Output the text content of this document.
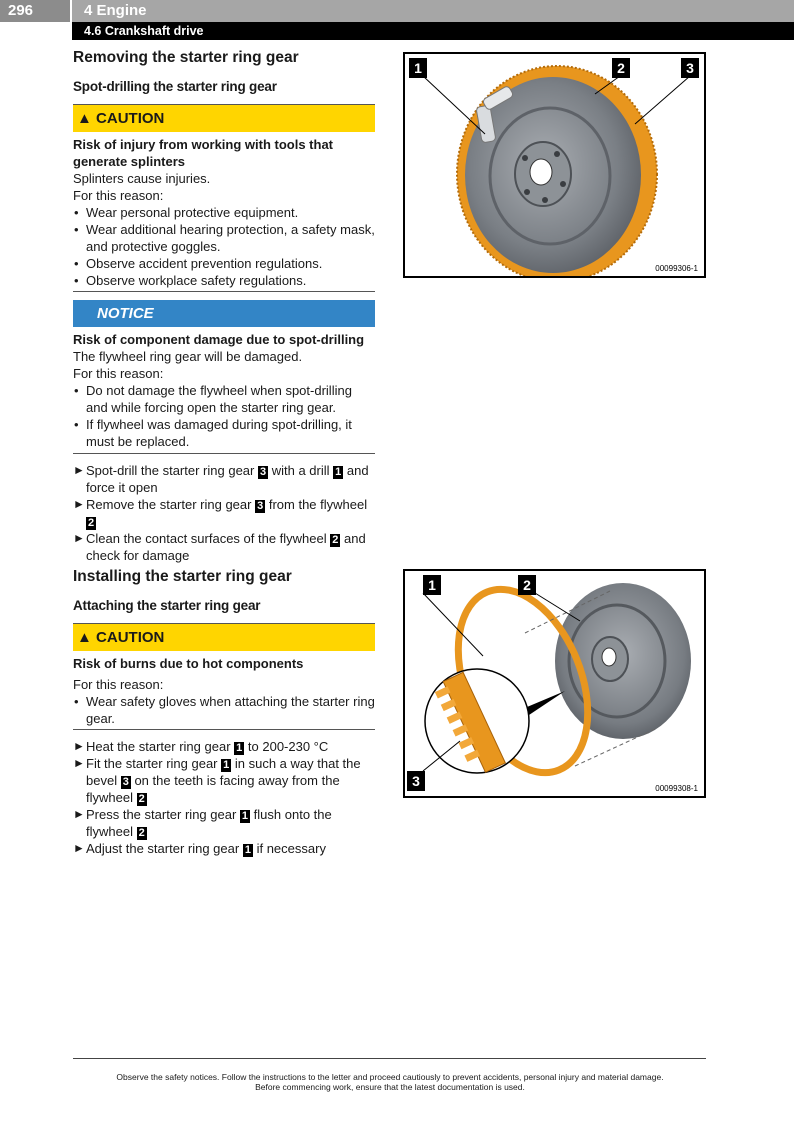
296	4 Engine
4.6 Crankshaft drive
Removing the starter ring gear
Spot-drilling the starter ring gear
▲ CAUTION
Risk of injury from working with tools that generate splinters
Splinters cause injuries.
For this reason:
• Wear personal protective equipment.
• Wear additional hearing protection, a safety mask, and protective goggles.
• Observe accident prevention regulations.
• Observe workplace safety regulations.
NOTICE
Risk of component damage due to spot-drilling
The flywheel ring gear will be damaged.
For this reason:
• Do not damage the flywheel when spot-drilling and while forcing open the starter ring gear.
• If flywheel was damaged during spot-drilling, it must be replaced.
► Spot-drill the starter ring gear 3 with a drill 1 and force it open
► Remove the starter ring gear 3 from the flywheel 2
► Clean the contact surfaces of the flywheel 2 and check for damage
Installing the starter ring gear
Attaching the starter ring gear
▲ CAUTION
Risk of burns due to hot components
For this reason:
• Wear safety gloves when attaching the starter ring gear.
► Heat the starter ring gear 1 to 200-230 °C
► Fit the starter ring gear 1 in such a way that the bevel 3 on the teeth is facing away from the flywheel 2
► Press the starter ring gear 1 flush onto the flywheel 2
► Adjust the starter ring gear 1 if necessary
1	2	3
00099306-1
1	2
3	00099308-1
Observe the safety notices. Follow the instructions to the letter and proceed cautiously to prevent accidents, personal injury and material damage.
Before commencing work, ensure that the latest documentation is used.
